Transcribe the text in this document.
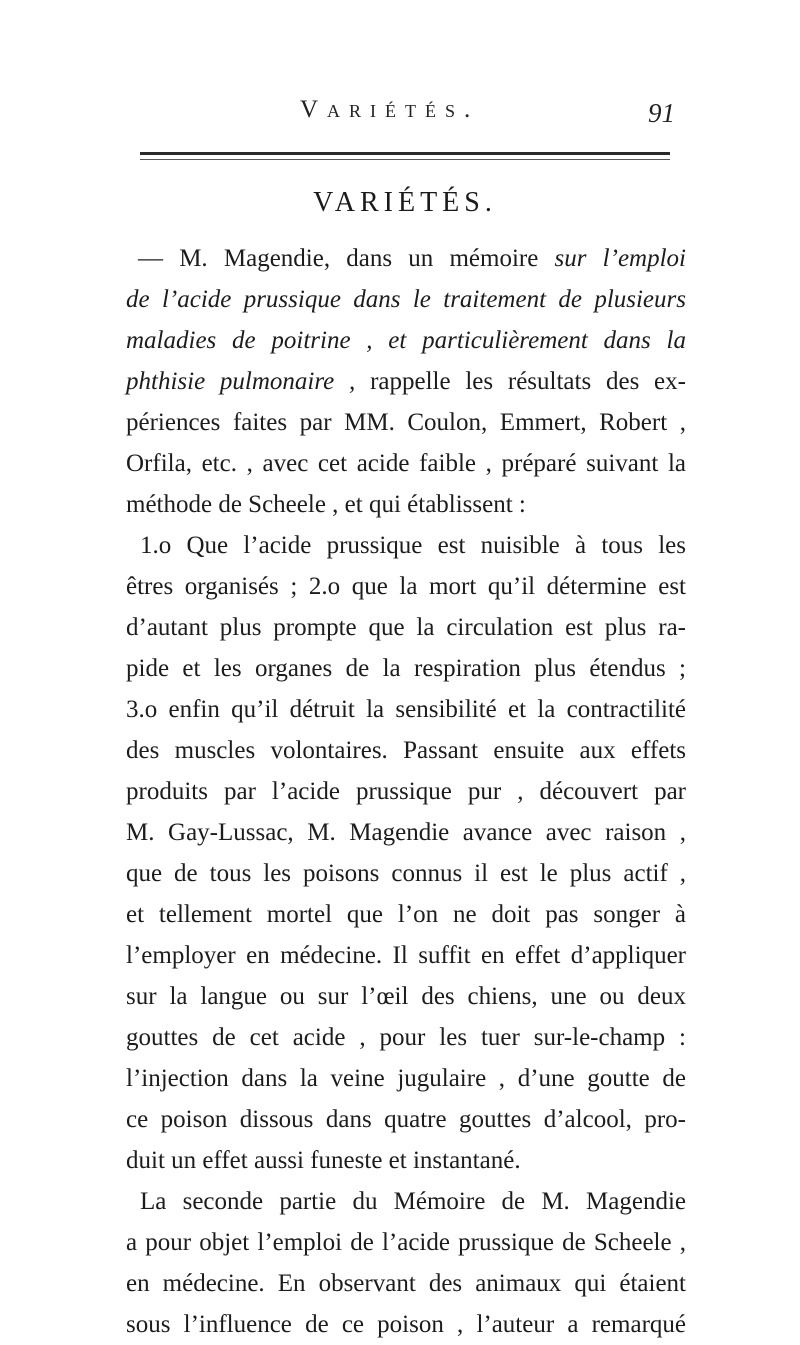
Variétés.	91
VARIÉTÉS.
— M. Magendie, dans un mémoire sur l’emploi
de l’acide prussique dans le traitement de plusieurs
maladies de poitrine , et particulièrement dans la
phthisie pulmonaire , rappelle les résultats des ex-
périences faites par MM. Coulon, Emmert, Robert ,
Orfila, etc. , avec cet acide faible , préparé suivant la
méthode de Scheele , et qui établissent :
1.o Que l’acide prussique est nuisible à tous les
êtres organisés ; 2.o que la mort qu’il détermine est
d’autant plus prompte que la circulation est plus ra-
pide et les organes de la respiration plus étendus ;
3.o enfin qu’il détruit la sensibilité et la contractilité
des muscles volontaires. Passant ensuite aux effets
produits par l’acide prussique pur , découvert par
M. Gay-Lussac, M. Magendie avance avec raison ,
que de tous les poisons connus il est le plus actif ,
et tellement mortel que l’on ne doit pas songer à
l’employer en médecine. Il suffit en effet d’appliquer
sur la langue ou sur l’œil des chiens, une ou deux
gouttes de cet acide , pour les tuer sur-le-champ :
l’injection dans la veine jugulaire , d’une goutte de
ce poison dissous dans quatre gouttes d’alcool, pro-
duit un effet aussi funeste et instantané.
La seconde partie du Mémoire de M. Magendie
a pour objet l’emploi de l’acide prussique de Scheele ,
en médecine. En observant des animaux qui étaient
sous l’influence de ce poison , l’auteur a remarqué
